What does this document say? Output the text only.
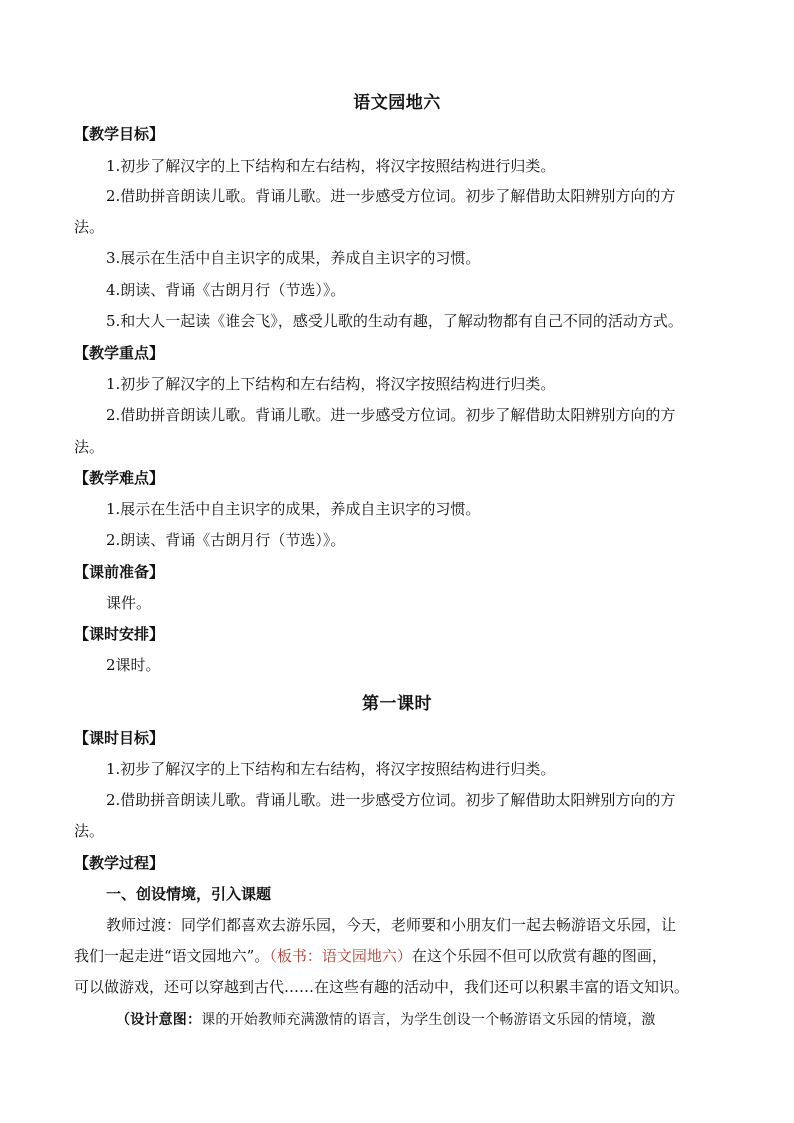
语文园地六
【教学目标】
1.初步了解汉字的上下结构和左右结构，将汉字按照结构进行归类。
2.借助拼音朗读儿歌。背诵儿歌。进一步感受方位词。初步了解借助太阳辨别方向的方
法。
3.展示在生活中自主识字的成果，养成自主识字的习惯。
4.朗读、背诵《古朗月行（节选）》。
5.和大人一起读《谁会飞》，感受儿歌的生动有趣，了解动物都有自己不同的活动方式。
【教学重点】
1.初步了解汉字的上下结构和左右结构，将汉字按照结构进行归类。
2.借助拼音朗读儿歌。背诵儿歌。进一步感受方位词。初步了解借助太阳辨别方向的方
法。
【教学难点】
1.展示在生活中自主识字的成果，养成自主识字的习惯。
2.朗读、背诵《古朗月行（节选）》。
【课前准备】
课件。
【课时安排】
2课时。
第一课时
【课时目标】
1.初步了解汉字的上下结构和左右结构，将汉字按照结构进行归类。
2.借助拼音朗读儿歌。背诵儿歌。进一步感受方位词。初步了解借助太阳辨别方向的方
法。
【教学过程】
一、创设情境，引入课题
教师过渡：同学们都喜欢去游乐园，今天，老师要和小朋友们一起去畅游语文乐园，让
我们一起走进“语文园地六”。（板书：语文园地六）在这个乐园不但可以欣赏有趣的图画，
可以做游戏，还可以穿越到古代……在这些有趣的活动中，我们还可以积累丰富的语文知识。
（设计意图：课的开始教师充满激情的语言，为学生创设一个畅游语文乐园的情境，激
